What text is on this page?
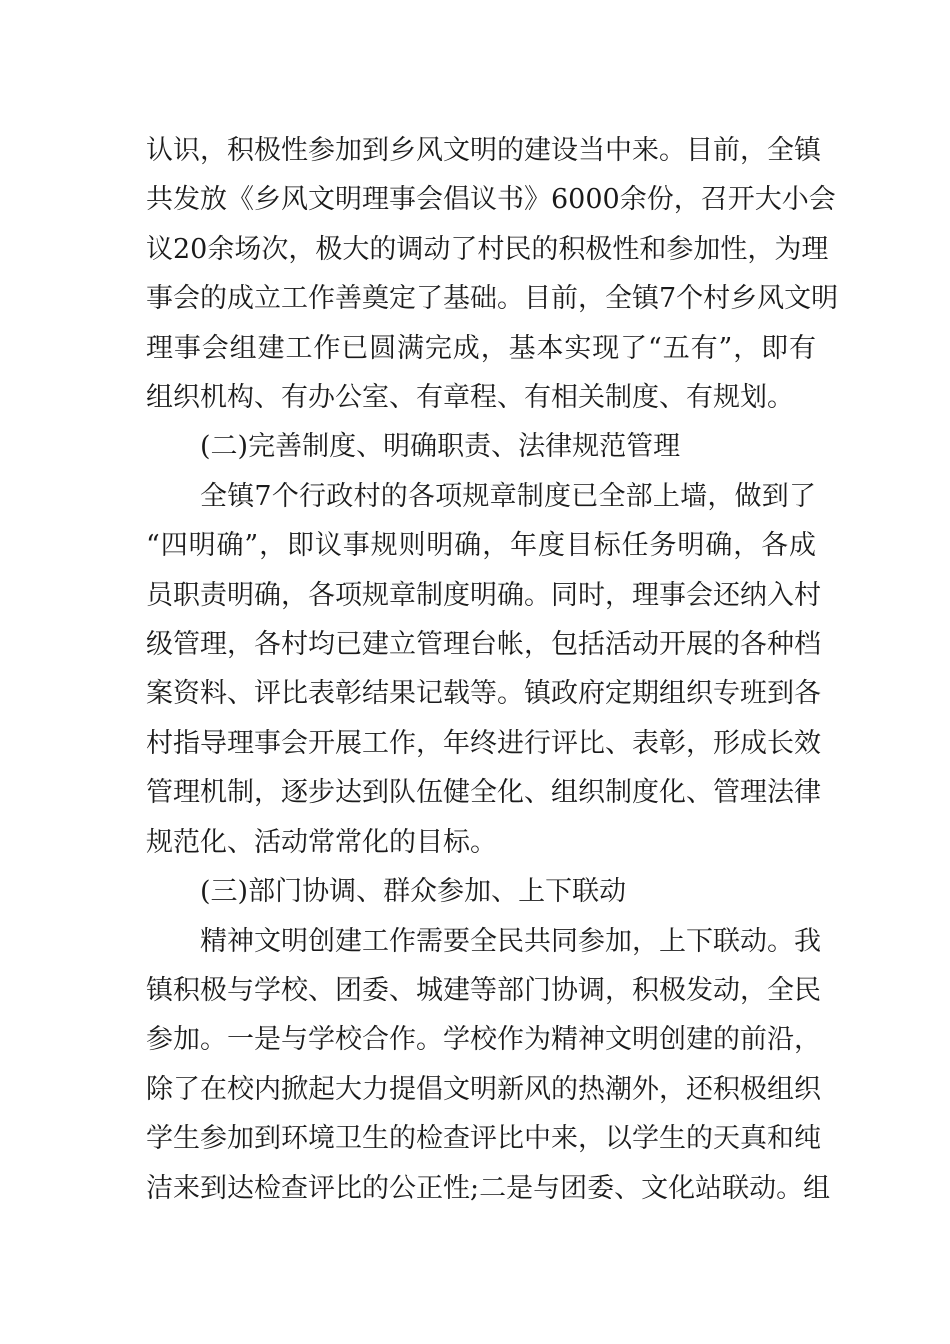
认识，积极性参加到乡风文明的建设当中来。目前，全镇
共发放《乡风文明理事会倡议书》6000余份，召开大小会
议20余场次，极大的调动了村民的积极性和参加性，为理
事会的成立工作善奠定了基础。目前，全镇7个村乡风文明
理事会组建工作已圆满完成，基本实现了“五有”，即有
组织机构、有办公室、有章程、有相关制度、有规划。
(二)完善制度、明确职责、法律规范管理
全镇7个行政村的各项规章制度已全部上墙，做到了
“四明确”，即议事规则明确，年度目标任务明确，各成
员职责明确，各项规章制度明确。同时，理事会还纳入村
级管理，各村均已建立管理台帐，包括活动开展的各种档
案资料、评比表彰结果记载等。镇政府定期组织专班到各
村指导理事会开展工作，年终进行评比、表彰，形成长效
管理机制，逐步达到队伍健全化、组织制度化、管理法律
规范化、活动常常化的目标。
(三)部门协调、群众参加、上下联动
精神文明创建工作需要全民共同参加，上下联动。我
镇积极与学校、团委、城建等部门协调，积极发动，全民
参加。一是与学校合作。学校作为精神文明创建的前沿，
除了在校内掀起大力提倡文明新风的热潮外，还积极组织
学生参加到环境卫生的检查评比中来，以学生的天真和纯
洁来到达检查评比的公正性;二是与团委、文化站联动。组
